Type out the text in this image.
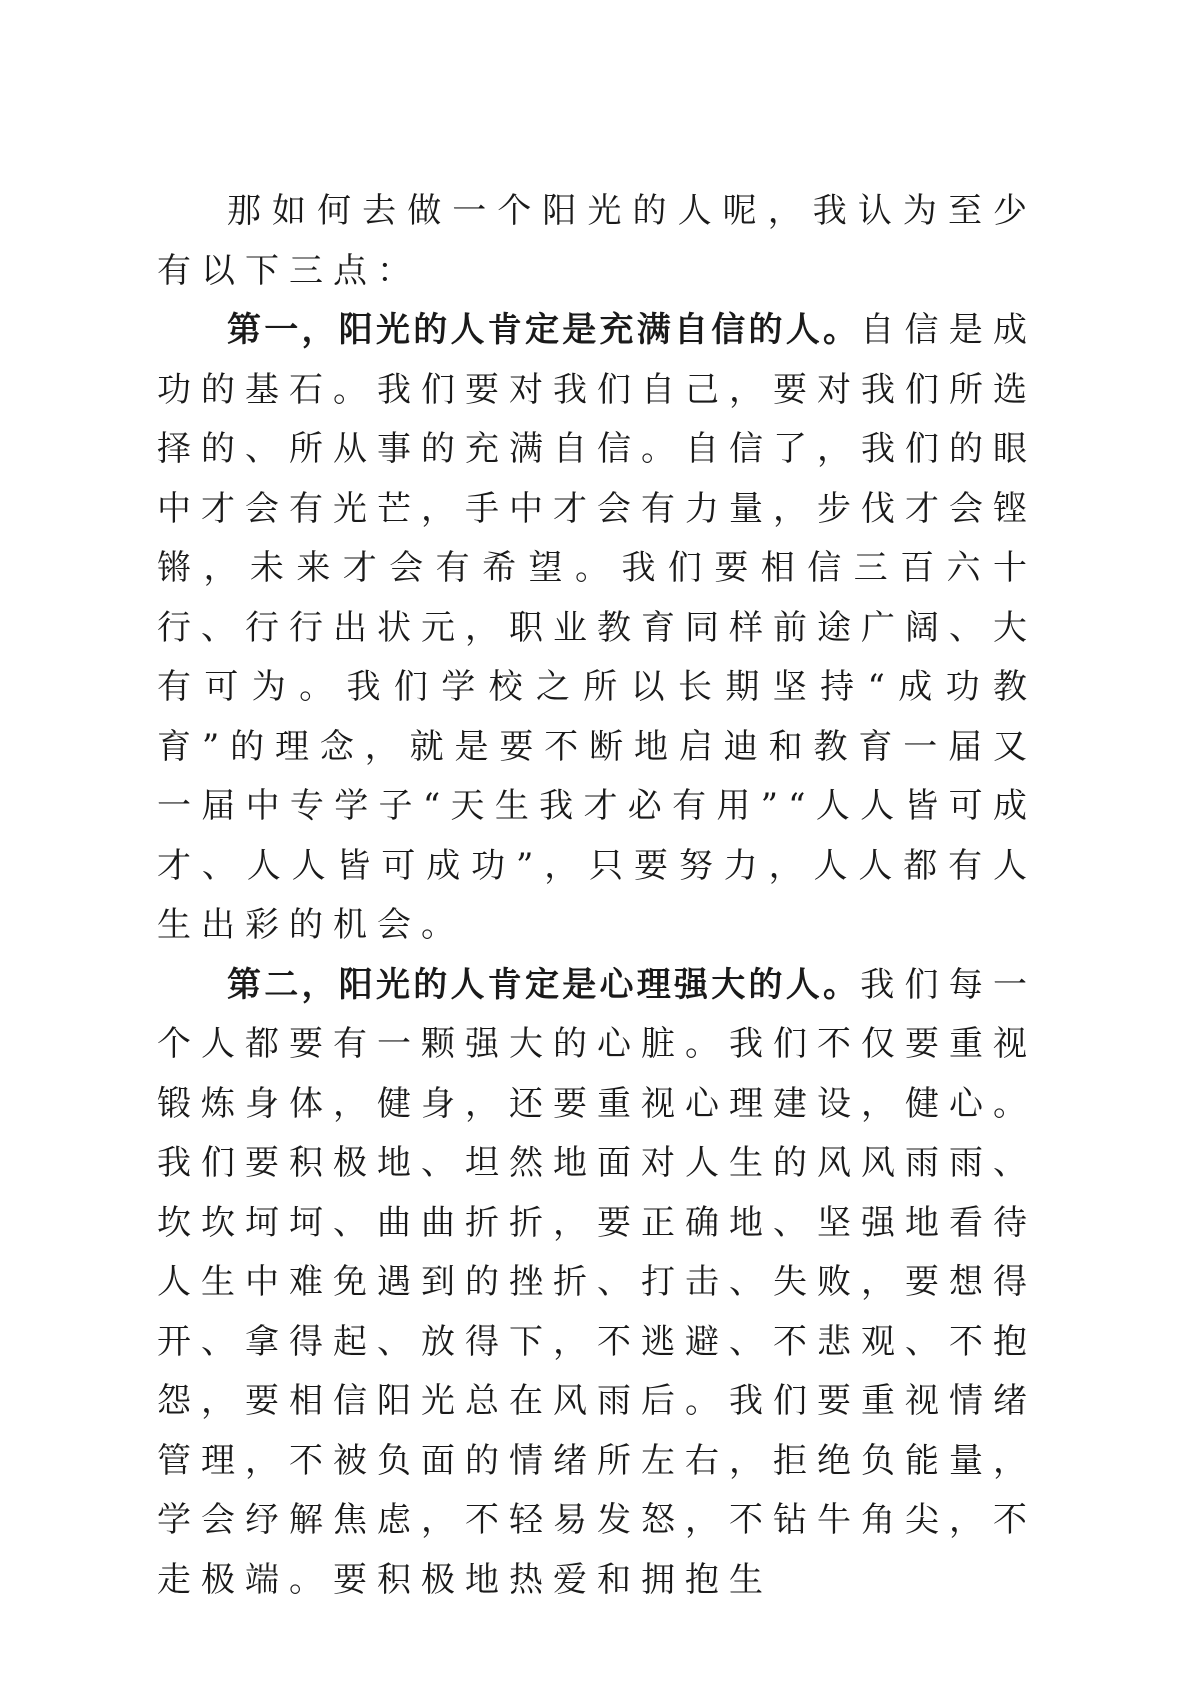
那如何去做一个阳光的人呢，我认为至少有以下三点：

第一，阳光的人肯定是充满自信的人。自信是成功的基石。我们要对我们自己，要对我们所选择的、所从事的充满自信。自信了，我们的眼中才会有光芒，手中才会有力量，步伐才会铿锵，未来才会有希望。我们要相信三百六十行、行行出状元，职业教育同样前途广阔、大有可为。我们学校之所以长期坚持“成功教育”的理念，就是要不断地启迪和教育一届又一届中专学子“天生我才必有用”“人人皆可成才、人人皆可成功”，只要努力，人人都有人生出彩的机会。

第二，阳光的人肯定是心理强大的人。我们每一个人都要有一颗强大的心脏。我们不仅要重视锻炼身体，健身，还要重视心理建设，健心。我们要积极地、坦然地面对人生的风风雨雨、坎坎坷坷、曲曲折折，要正确地、坚强地看待人生中难免遇到的挫折、打击、失败，要想得开、拿得起、放得下，不逃避、不悲观、不抱怨，要相信阳光总在风雨后。我们要重视情绪管理，不被负面的情绪所左右，拒绝负能量，学会纾解焦虑，不轻易发怒，不钻牛角尖，不走极端。要积极地热爱和拥抱生
